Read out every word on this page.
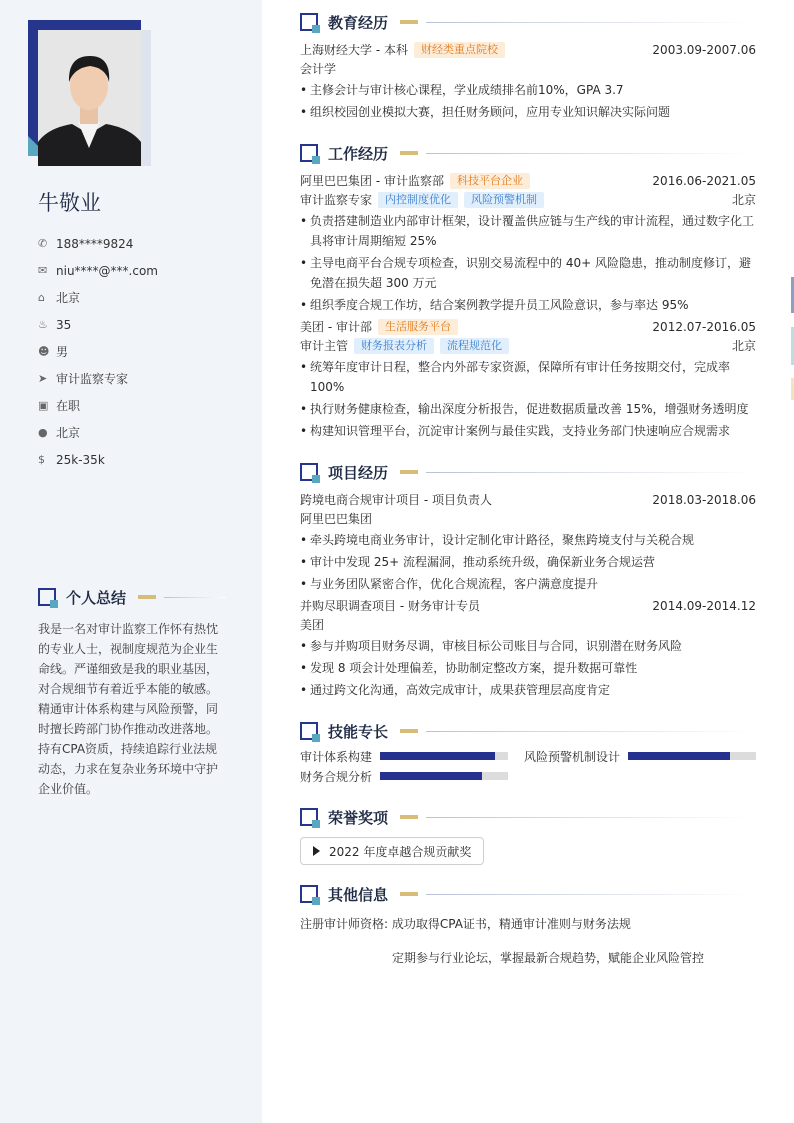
牛敬业
✆ 188****9824
✉ niu****@***.com
⌂ 北京
♨ 35
☻ 男
➤ 审计监察专家
▣ 在职
● 北京
$ 25k-35k
个人总结
我是一名对审计监察工作怀有热忱的专业人士，视制度规范为企业生命线。严谨细致是我的职业基因，对合规细节有着近乎本能的敏感。精通审计体系构建与风险预警，同时擅长跨部门协作推动改进落地。持有CPA资质，持续追踪行业法规动态，力求在复杂业务环境中守护企业价值。
教育经历
上海财经大学 - 本科	财经类重点院校	2003.09-2007.06
会计学
• 主修会计与审计核心课程，学业成绩排名前10%，GPA 3.7
• 组织校园创业模拟大赛，担任财务顾问，应用专业知识解决实际问题
工作经历
阿里巴巴集团 - 审计监察部	科技平台企业	2016.06-2021.05
审计监察专家	内控制度优化	风险预警机制	北京
• 负责搭建制造业内部审计框架，设计覆盖供应链与生产线的审计流程，通过数字化工具将审计周期缩短 25%
• 主导电商平台合规专项检查，识别交易流程中的 40+ 风险隐患，推动制度修订，避免潜在损失超 300 万元
• 组织季度合规工作坊，结合案例教学提升员工风险意识，参与率达 95%
美团 - 审计部	生活服务平台	2012.07-2016.05
审计主管	财务报表分析	流程规范化	北京
• 统筹年度审计日程，整合内外部专家资源，保障所有审计任务按期交付，完成率 100%
• 执行财务健康检查，输出深度分析报告，促进数据质量改善 15%，增强财务透明度
• 构建知识管理平台，沉淀审计案例与最佳实践，支持业务部门快速响应合规需求
项目经历
跨境电商合规审计项目 - 项目负责人	2018.03-2018.06
阿里巴巴集团
• 牵头跨境电商业务审计，设计定制化审计路径，聚焦跨境支付与关税合规
• 审计中发现 25+ 流程漏洞，推动系统升级，确保新业务合规运营
• 与业务团队紧密合作，优化合规流程，客户满意度提升
并购尽职调查项目 - 财务审计专员	2014.09-2014.12
美团
• 参与并购项目财务尽调，审核目标公司账目与合同，识别潜在财务风险
• 发现 8 项会计处理偏差，协助制定整改方案，提升数据可靠性
• 通过跨文化沟通，高效完成审计，成果获管理层高度肯定
技能专长
审计体系构建	风险预警机制设计
财务合规分析
荣誉奖项
2022 年度卓越合规贡献奖
其他信息
注册审计师资格: 成功取得CPA证书，精通审计准则与财务法规
定期参与行业论坛，掌握最新合规趋势，赋能企业风险管控
